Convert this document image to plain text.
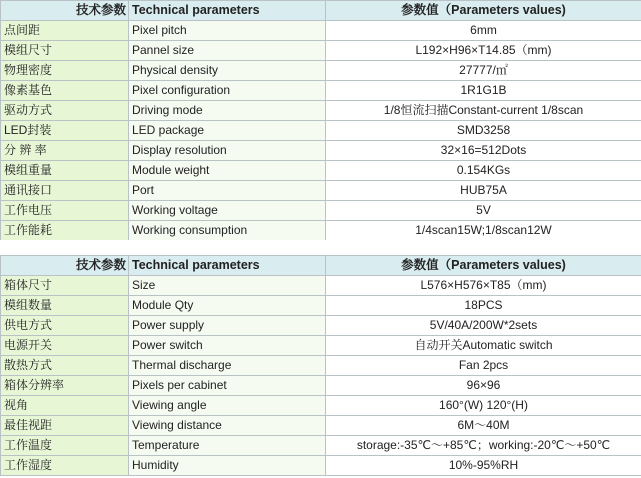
技术参数	Technical parameters	参数值（Parameters values)
点间距	Pixel pitch	6mm
模组尺寸	Pannel size	L192×H96×T14.85（mm)
物理密度	Physical density	27777/㎡
像素基色	Pixel configuration	1R1G1B
驱动方式	Driving mode	1/8恒流扫描Constant-current 1/8scan
LED封装	LED package	SMD3258
分 辨 率	Display resolution	32×16=512Dots
模组重量	Module weight	0.154KGs
通讯接口	Port	HUB75A
工作电压	Working voltage	5V
工作能耗	Working consumption	1/4scan15W;1/8scan12W
技术参数	Technical parameters	参数值（Parameters values)
箱体尺寸	Size	L576×H576×T85（mm)
模组数量	Module Qty	18PCS
供电方式	Power supply	5V/40A/200W*2sets
电源开关	Power switch	自动开关Automatic switch
散热方式	Thermal discharge	Fan 2pcs
箱体分辨率	Pixels per cabinet	96×96
视角	Viewing angle	160°(W) 120°(H)
最佳视距	Viewing distance	6M～40M
工作温度	Temperature	storage:-35℃～+85℃；working:-20℃～+50℃
工作湿度	Humidity	10%-95%RH
